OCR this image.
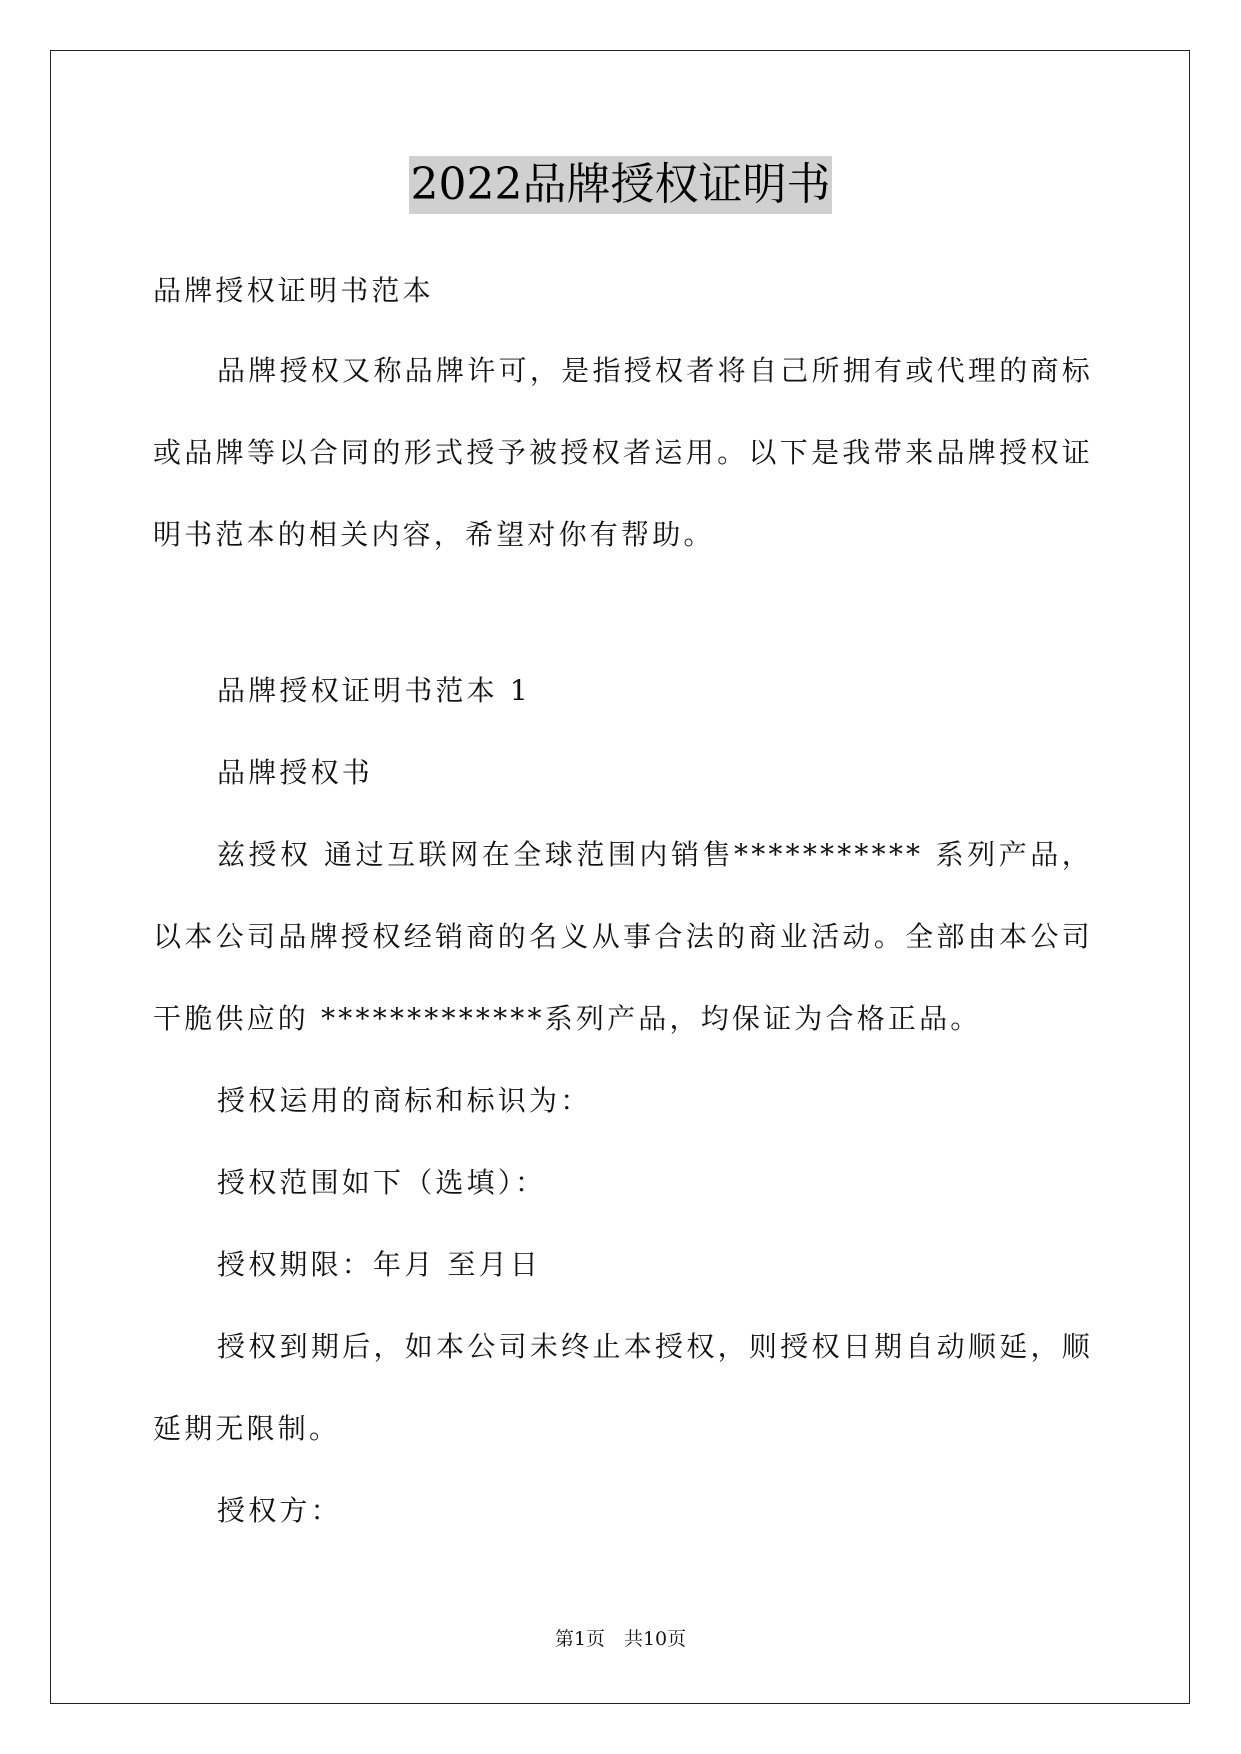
2022品牌授权证明书

品牌授权证明书范本

品牌授权又称品牌许可，是指授权者将自己所拥有或代理的商标或品牌等以合同的形式授予被授权者运用。以下是我带来品牌授权证明书范本的相关内容，希望对你有帮助。

品牌授权证明书范本 1

品牌授权书

兹授权 通过互联网在全球范围内销售*********** 系列产品，以本公司品牌授权经销商的名义从事合法的商业活动。全部由本公司干脆供应的 *************系列产品，均保证为合格正品。

授权运用的商标和标识为：

授权范围如下（选填）：

授权期限：年月 至月日

授权到期后，如本公司未终止本授权，则授权日期自动顺延，顺延期无限制。

授权方：

第1页　共10页
